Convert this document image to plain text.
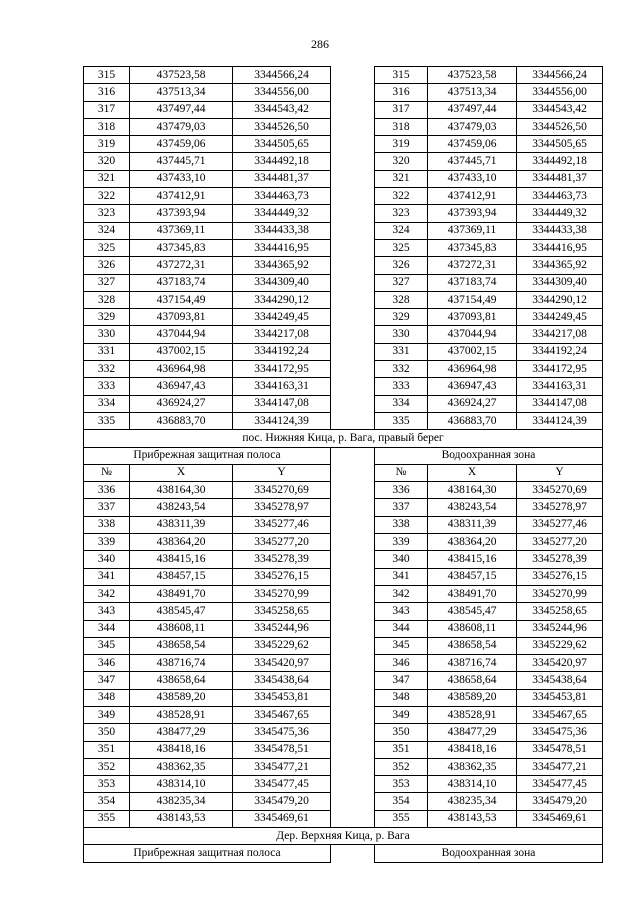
286
315	437523,58	3344566,24		315	437523,58	3344566,24
316	437513,34	3344556,00		316	437513,34	3344556,00
317	437497,44	3344543,42		317	437497,44	3344543,42
318	437479,03	3344526,50		318	437479,03	3344526,50
319	437459,06	3344505,65		319	437459,06	3344505,65
320	437445,71	3344492,18		320	437445,71	3344492,18
321	437433,10	3344481,37		321	437433,10	3344481,37
322	437412,91	3344463,73		322	437412,91	3344463,73
323	437393,94	3344449,32		323	437393,94	3344449,32
324	437369,11	3344433,38		324	437369,11	3344433,38
325	437345,83	3344416,95		325	437345,83	3344416,95
326	437272,31	3344365,92		326	437272,31	3344365,92
327	437183,74	3344309,40		327	437183,74	3344309,40
328	437154,49	3344290,12		328	437154,49	3344290,12
329	437093,81	3344249,45		329	437093,81	3344249,45
330	437044,94	3344217,08		330	437044,94	3344217,08
331	437002,15	3344192,24		331	437002,15	3344192,24
332	436964,98	3344172,95		332	436964,98	3344172,95
333	436947,43	3344163,31		333	436947,43	3344163,31
334	436924,27	3344147,08		334	436924,27	3344147,08
335	436883,70	3344124,39		335	436883,70	3344124,39
пос. Нижняя Кица, р. Вага, правый берег						
Прибрежная защитная полоса				Водоохранная зона		
№	X	Y		№	X	Y
336	438164,30	3345270,69		336	438164,30	3345270,69
337	438243,54	3345278,97		337	438243,54	3345278,97
338	438311,39	3345277,46		338	438311,39	3345277,46
339	438364,20	3345277,20		339	438364,20	3345277,20
340	438415,16	3345278,39		340	438415,16	3345278,39
341	438457,15	3345276,15		341	438457,15	3345276,15
342	438491,70	3345270,99		342	438491,70	3345270,99
343	438545,47	3345258,65		343	438545,47	3345258,65
344	438608,11	3345244,96		344	438608,11	3345244,96
345	438658,54	3345229,62		345	438658,54	3345229,62
346	438716,74	3345420,97		346	438716,74	3345420,97
347	438658,64	3345438,64		347	438658,64	3345438,64
348	438589,20	3345453,81		348	438589,20	3345453,81
349	438528,91	3345467,65		349	438528,91	3345467,65
350	438477,29	3345475,36		350	438477,29	3345475,36
351	438418,16	3345478,51		351	438418,16	3345478,51
352	438362,35	3345477,21		352	438362,35	3345477,21
353	438314,10	3345477,45		353	438314,10	3345477,45
354	438235,34	3345479,20		354	438235,34	3345479,20
355	438143,53	3345469,61		355	438143,53	3345469,61
Дер. Верхняя Кица, р. Вага						
Прибрежная защитная полоса				Водоохранная зона		
